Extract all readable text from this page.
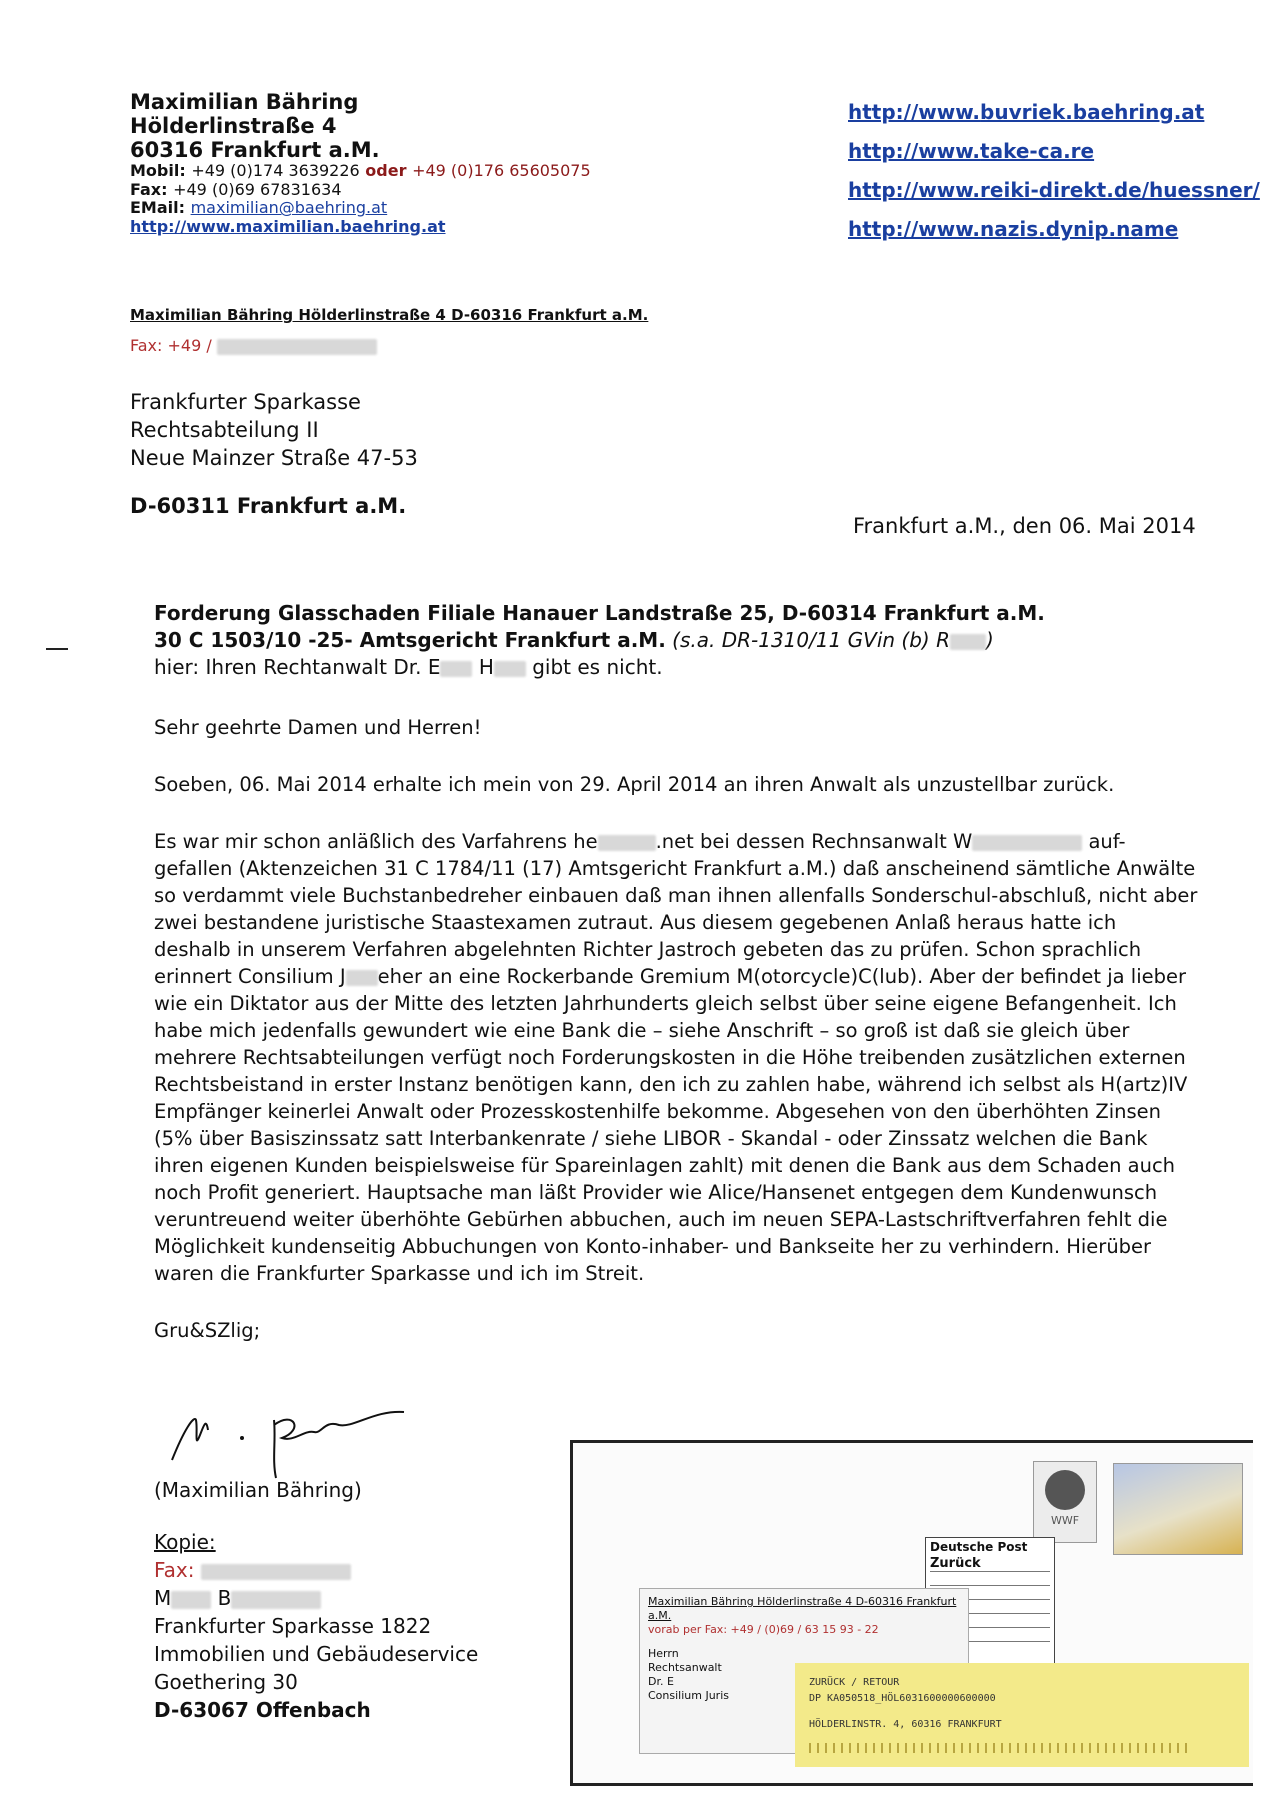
Maximilian Bähring

Hölderlinstraße 4

60316 Frankfurt a.M.

Mobil: +49 (0)174 3639226 oder +49 (0)176 65605075

Fax: +49 (0)69 67831634

EMail: maximilian@baehring.at

http://www.maximilian.baehring.at

http://www.buvriek.baehring.at
http://www.take-ca.re
http://www.reiki-direkt.de/huessner/
http://www.nazis.dynip.name
Maximilian Bähring Hölderlinstraße 4 D-60316 Frankfurt a.M.
Fax: +49 /
Frankfurter Sparkasse
Rechtsabteilung II
Neue Mainzer Straße 47-53
D-60311 Frankfurt a.M.
Frankfurt a.M., den 06. Mai 2014
Forderung Glasschaden Filiale Hanauer Landstraße 25, D-60314 Frankfurt a.M.
30 C 1503/10 -25- Amtsgericht Frankfurt a.M. (s.a. DR-1310/11 GVin (b) R )
hier: Ihren Rechtanwalt Dr. E H gibt es nicht.

Sehr geehrte Damen und Herren!

Soeben, 06. Mai 2014 erhalte ich mein von 29. April 2014 an ihren Anwalt als unzustellbar zurück.

Es war mir schon anläßlich des Varfahrens he	.net bei dessen Rechnsanwalt W	auf-gefallen (Aktenzeichen 31 C 1784/11 (17) Amtsgericht Frankfurt a.M.) daß anscheinend sämtliche Anwälte so verdammt viele Buchstanbedreher einbauen daß man ihnen allenfalls Sonderschul-abschluß, nicht aber zwei bestandene juristische Staastexamen zutraut. Aus diesem gegebenen Anlaß heraus hatte ich deshalb in unserem Verfahren abgelehnten Richter Jastroch gebeten das zu prüfen. Schon sprachlich erinnert Consilium J eher an eine Rockerbande Gremium M(otorcycle)C(lub). Aber der befindet ja lieber wie ein Diktator aus der Mitte des letzten Jahrhunderts gleich selbst über seine eigene Befangenheit. Ich habe mich jedenfalls gewundert wie eine Bank die – siehe Anschrift – so groß ist daß sie gleich über mehrere Rechtsabteilungen verfügt noch Forderungskosten in die Höhe treibenden zusätzlichen externen Rechtsbeistand in erster Instanz benötigen kann, den ich zu zahlen habe, während ich selbst als H(artz)IV Empfänger keinerlei Anwalt oder Prozesskostenhilfe bekomme. Abgesehen von den überhöhten Zinsen (5% über Basiszinssatz satt Interbankenrate / siehe LIBOR - Skandal - oder Zinssatz welchen die Bank ihren eigenen Kunden beispielsweise für Spareinlagen zahlt) mit denen die Bank aus dem Schaden auch noch Profit generiert. Hauptsache man läßt Provider wie Alice/Hansenet entgegen dem Kundenwunsch veruntreuend weiter überhöhte Gebürhen abbuchen, auch im neuen SEPA-Lastschriftverfahren fehlt die Möglichkeit kundenseitig Abbuchungen von Konto-inhaber- und Bankseite her zu verhindern. Hierüber waren die Frankfurter Sparkasse und ich im Streit.

Gru&SZlig;

(Maximilian Bähring)
Kopie:
Fax:
M B
Frankfurter Sparkasse 1822
Immobilien und Gebäudeservice
Goethering 30
D-63067 Offenbach
WWF
Deutsche Post
Zurück
Maximilian Bähring Hölderlinstraße 4 D-60316 Frankfurt a.M.
vorab per Fax: +49 / (0)69 / 63 15 93 - 22
Herrn
Rechtsanwalt
Dr. E
Consilium Juris
ZURÜCK / RETOUR
DP KA050518_HÖL6031600000600000
HÖLDERLINSTR. 4, 60316 FRANKFURT
